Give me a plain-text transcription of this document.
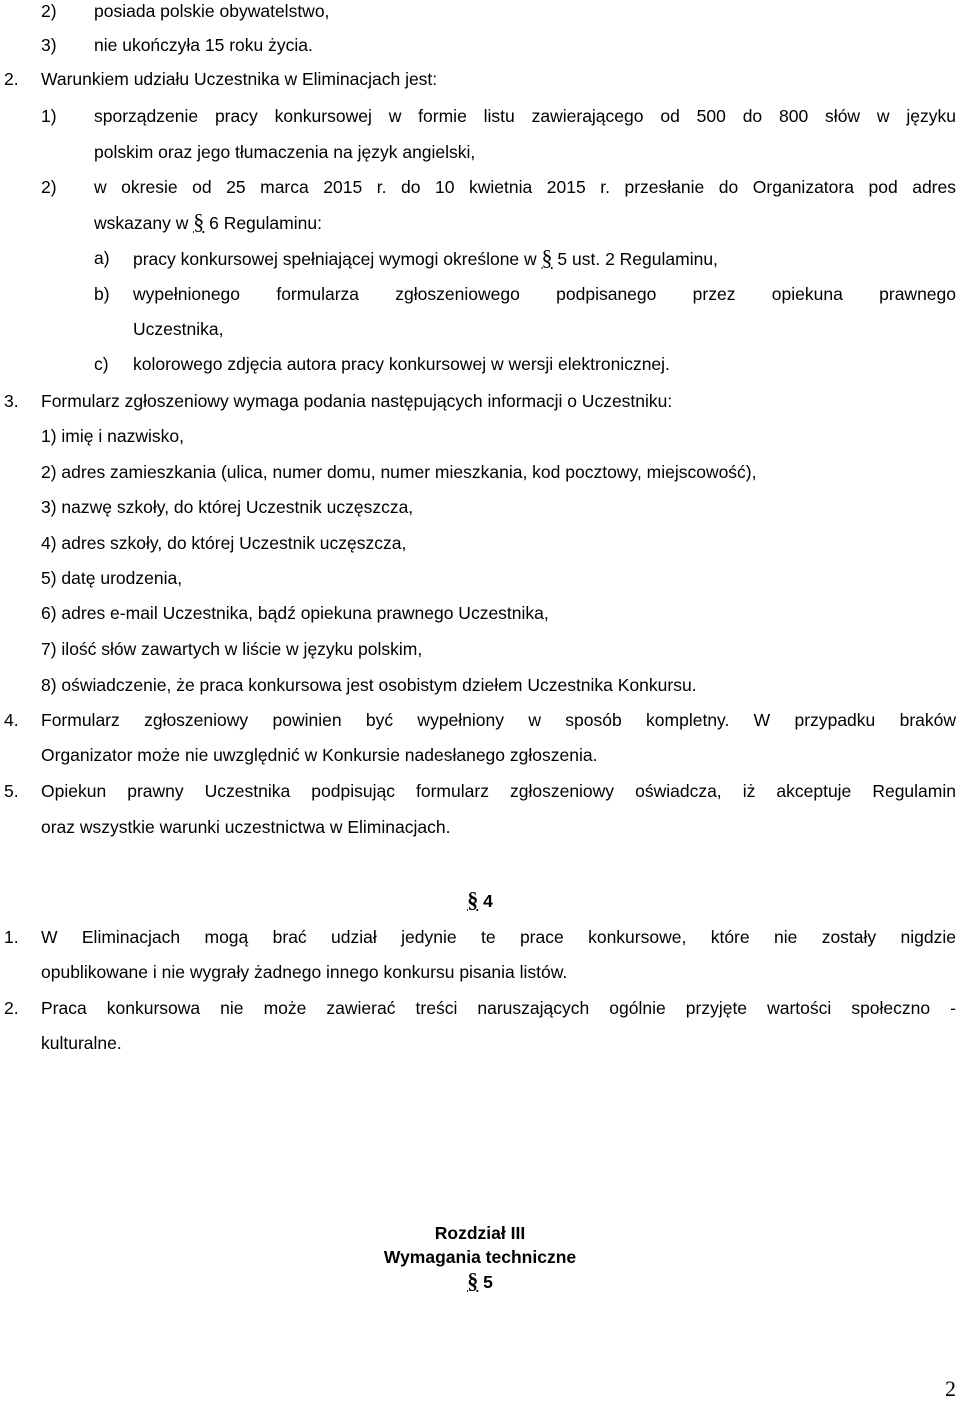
2) posiada polskie obywatelstwo,
3) nie ukończyła 15 roku życia.
2. Warunkiem udziału Uczestnika w Eliminacjach jest:
1) sporządzenie pracy konkursowej w formie listu zawierającego od 500 do 800 słów w języku
polskim oraz jego tłumaczenia na język angielski,
2) w okresie od 25 marca 2015 r. do 10 kwietnia 2015 r. przesłanie do Organizatora pod adres
wskazany w § 6 Regulaminu:
a) pracy konkursowej spełniającej wymogi określone w § 5 ust. 2 Regulaminu,
b) wypełnionego formularza zgłoszeniowego podpisanego przez opiekuna prawnego
Uczestnika,
c) kolorowego zdjęcia autora pracy konkursowej w wersji elektronicznej.
3. Formularz zgłoszeniowy wymaga podania następujących informacji o Uczestniku:
1) imię i nazwisko,
2) adres zamieszkania (ulica, numer domu, numer mieszkania, kod pocztowy, miejscowość),
3) nazwę szkoły, do której Uczestnik uczęszcza,
4) adres szkoły, do której Uczestnik uczęszcza,
5) datę urodzenia,
6) adres e-mail Uczestnika, bądź opiekuna prawnego Uczestnika,
7) ilość słów zawartych w liście w języku polskim,
8) oświadczenie, że praca konkursowa jest osobistym dziełem Uczestnika Konkursu.
4. Formularz zgłoszeniowy powinien być wypełniony w sposób kompletny. W przypadku braków
Organizator może nie uwzględnić w Konkursie nadesłanego zgłoszenia.
5. Opiekun prawny Uczestnika podpisując formularz zgłoszeniowy oświadcza, iż akceptuje Regulamin
oraz wszystkie warunki uczestnictwa w Eliminacjach.
§ 4
1. W Eliminacjach mogą brać udział jedynie te prace konkursowe, które nie zostały nigdzie
opublikowane i nie wygrały żadnego innego konkursu pisania listów.
2. Praca konkursowa nie może zawierać treści naruszających ogólnie przyjęte wartości społeczno -
kulturalne.
Rozdział III
Wymagania techniczne
§ 5
2
